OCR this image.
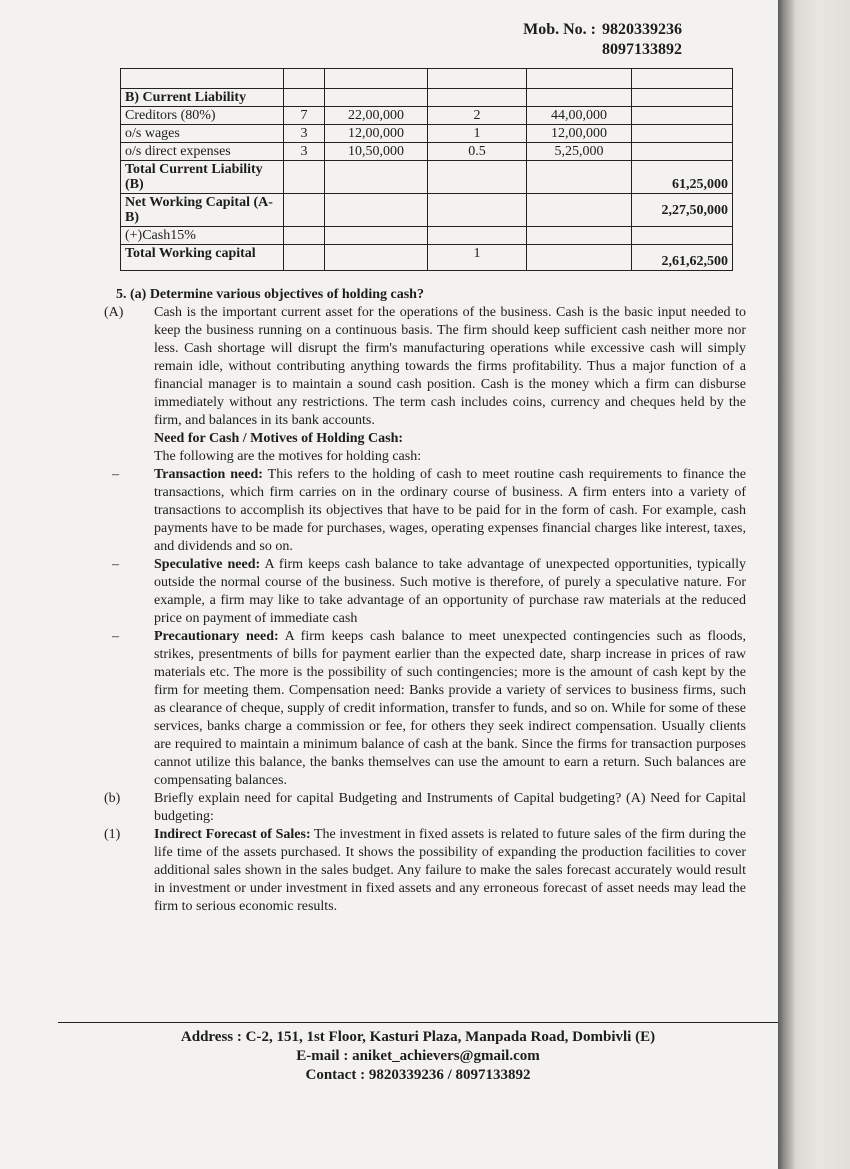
Mob. No. : 9820339236
8097133892

B) Current Liability					
Creditors (80%)	7	22,00,000	2	44,00,000	
o/s wages	3	12,00,000	1	12,00,000	
o/s direct expenses	3	10,50,000	0.5	5,25,000	
Total Current Liability (B)					61,25,000
Net Working Capital (A-B)					2,27,50,000
(+)Cash15%					
Total Working capital			1		2,61,62,500
5. (a) Determine various objectives of holding cash?
(A)	Cash is the important current asset for the operations of the business. Cash is the basic input needed to keep the business running on a continuous basis. The firm should keep sufficient cash neither more nor less. Cash shortage will disrupt the firm's manufacturing operations while excessive cash will simply remain idle, without contributing anything towards the firms profitability. Thus a major function of a financial manager is to maintain a sound cash position. Cash is the money which a firm can disburse immediately without any restrictions. The term cash includes coins, currency and cheques held by the firm, and balances in its bank accounts.

Need for Cash / Motives of Holding Cash:

The following are the motives for holding cash:

–	Transaction need: This refers to the holding of cash to meet routine cash requirements to finance the transactions, which firm carries on in the ordinary course of business. A firm enters into a variety of transactions to accomplish its objectives that have to be paid for in the form of cash. For example, cash payments have to be made for purchases, wages, operating expenses financial charges like interest, taxes, and dividends and so on.
–	Speculative need: A firm keeps cash balance to take advantage of unexpected opportunities, typically outside the normal course of the business. Such motive is therefore, of purely a speculative nature. For example, a firm may like to take advantage of an opportunity of purchase raw materials at the reduced price on payment of immediate cash
–	Precautionary need: A firm keeps cash balance to meet unexpected contingencies such as floods, strikes, presentments of bills for payment earlier than the expected date, sharp increase in prices of raw materials etc. The more is the possibility of such contingencies; more is the amount of cash kept by the firm for meeting them. Compensation need: Banks provide a variety of services to business firms, such as clearance of cheque, supply of credit information, transfer to funds, and so on. While for some of these services, banks charge a commission or fee, for others they seek indirect compensation. Usually clients are required to maintain a minimum balance of cash at the bank. Since the firms for transaction purposes cannot utilize this balance, the banks themselves can use the amount to earn a return. Such balances are compensating balances.
(b)	Briefly explain need for capital Budgeting and Instruments of Capital budgeting? (A) Need for Capital budgeting:
(1)	Indirect Forecast of Sales: The investment in fixed assets is related to future sales of the firm during the life time of the assets purchased. It shows the possibility of expanding the production facilities to cover additional sales shown in the sales budget. Any failure to make the sales forecast accurately would result in investment or under investment in fixed assets and any erroneous forecast of asset needs may lead the firm to serious economic results.
Address : C-2, 151, 1st Floor, Kasturi Plaza, Manpada Road, Dombivli (E)
E-mail : aniket_achievers@gmail.com
Contact : 9820339236 / 8097133892
